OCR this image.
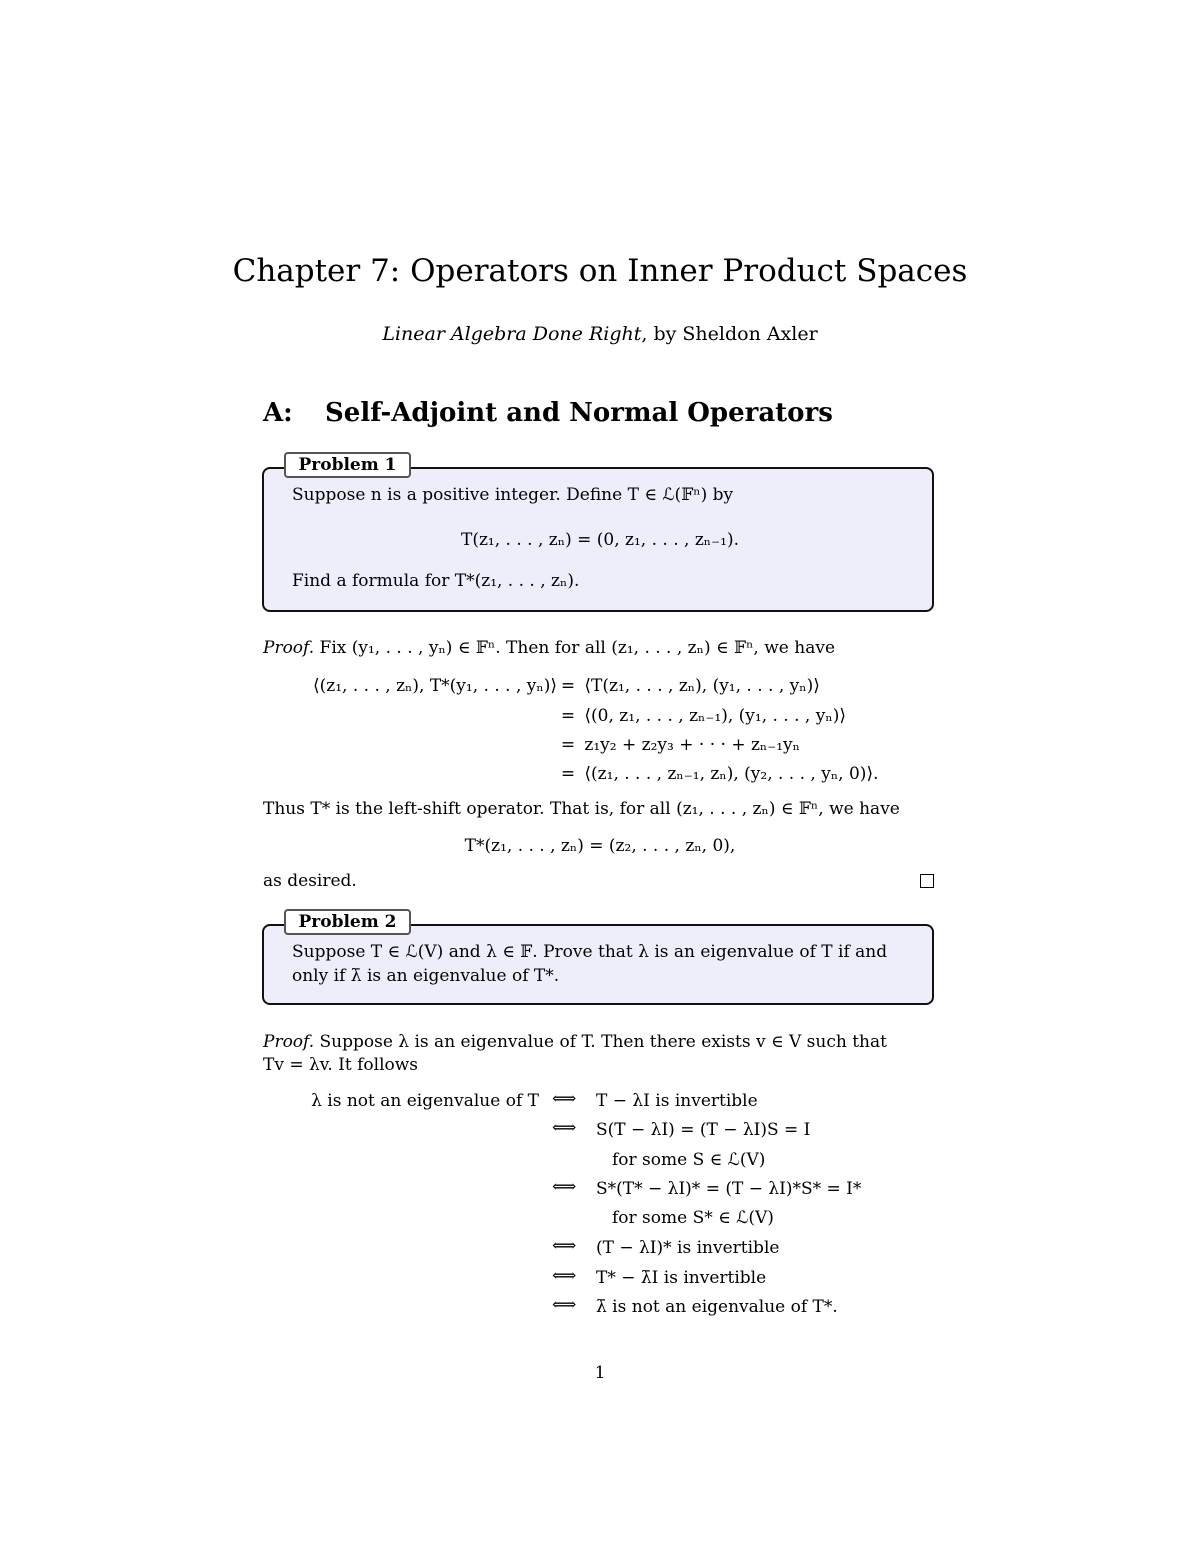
Chapter 7: Operators on Inner Product Spaces
Linear Algebra Done Right, by Sheldon Axler
A: Self-Adjoint and Normal Operators
Problem 1
Suppose n is a positive integer. Define T ∈ ℒ(𝔽ⁿ) by
T(z₁, . . . , zₙ) = (0, z₁, . . . , zₙ₋₁).
Find a formula for T*(z₁, . . . , zₙ).
Proof. Fix (y₁, . . . , yₙ) ∈ 𝔽ⁿ. Then for all (z₁, . . . , zₙ) ∈ 𝔽ⁿ, we have
⟨(z₁, . . . , zₙ), T*(y₁, . . . , yₙ)⟩ = ⟨T(z₁, . . . , zₙ), (y₁, . . . , yₙ)⟩
= ⟨(0, z₁, . . . , zₙ₋₁), (y₁, . . . , yₙ)⟩
= z₁y₂ + z₂y₃ + · · · + zₙ₋₁yₙ
= ⟨(z₁, . . . , zₙ₋₁, zₙ), (y₂, . . . , yₙ, 0)⟩.
Thus T* is the left-shift operator. That is, for all (z₁, . . . , zₙ) ∈ 𝔽ⁿ, we have
T*(z₁, . . . , zₙ) = (z₂, . . . , zₙ, 0),
as desired.
Problem 2
Suppose T ∈ ℒ(V) and λ ∈ 𝔽. Prove that λ is an eigenvalue of T if and
only if λ̄ is an eigenvalue of T*.
Proof. Suppose λ is an eigenvalue of T. Then there exists v ∈ V such that
Tv = λv. It follows
λ is not an eigenvalue of T ⟺ T − λI is invertible
⟺ S(T − λI) = (T − λI)S = I
for some S ∈ ℒ(V)
⟺ S*(T* − λI)* = (T − λI)*S* = I*
for some S* ∈ ℒ(V)
⟺ (T − λI)* is invertible
⟺ T* − λ̄I is invertible
⟺ λ̄ is not an eigenvalue of T*.
1
